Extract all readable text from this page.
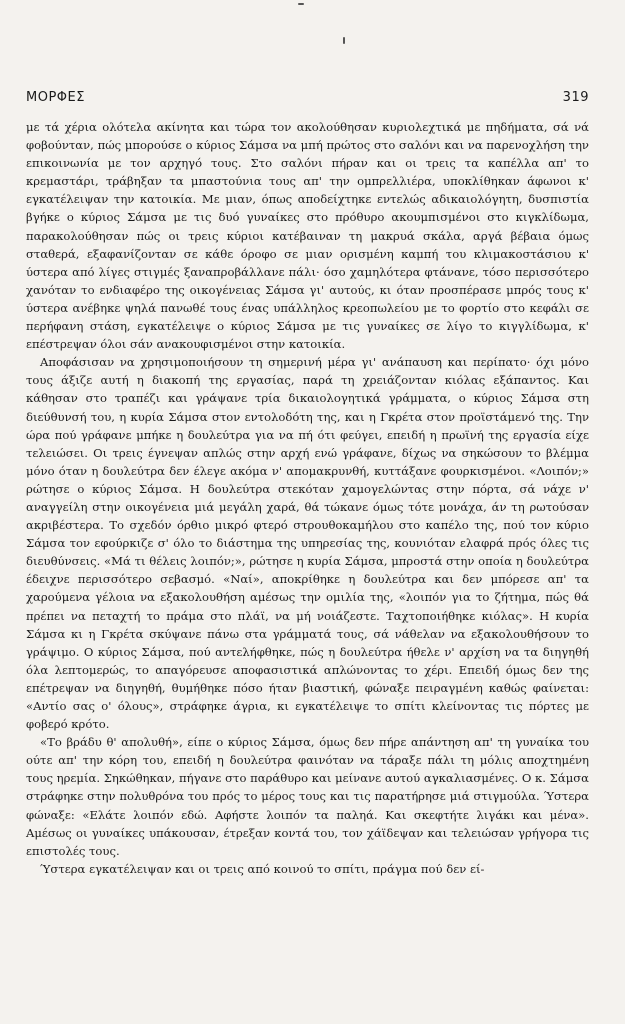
ΜΟΡΦΕΣ	319

με τά χέρια ολότελα ακίνητα και τώρα τον ακολούθησαν κυριολεχτικά με πηδήματα, σά νά φοβούνταν, πώς μπορούσε ο κύριος Σάμσα να μπή πρώτος στο σαλόνι και να παρενοχλήση την επικοινωνία με τον αρχηγό τους. Στο σαλόνι πήραν και οι τρεις τα καπέλλα απ' το κρεμαστάρι, τράβηξαν τα μπαστούνια τους απ' την ομπρελλιέρα, υποκλίθηκαν άφωνοι κ' εγκατέλειψαν την κατοικία. Με μιαν, όπως αποδείχτηκε εντελώς αδικαιολόγητη, δυσπιστία βγήκε ο κύριος Σάμσα με τις δυό γυναίκες στο πρόθυρο ακουμπισμένοι στο κιγκλίδωμα, παρακολούθησαν πώς οι τρεις κύριοι κατέβαιναν τη μακρυά σκάλα, αργά βέβαια όμως σταθερά, εξαφανίζονταν σε κάθε όροφο σε μιαν ορισμένη καμπή του κλιμακοστάσιου κ' ύστερα από λίγες στιγμές ξαναπροβάλλανε πάλι· όσο χαμηλότερα φτάνανε, τόσο περισσότερο χανόταν το ενδιαφέρο της οικογένειας Σάμσα γι' αυτούς, κι όταν προσπέρασε μπρός τους κ' ύστερα ανέβηκε ψηλά πανωθέ τους ένας υπάλληλος κρεοπωλείου με το φορτίο στο κεφάλι σε περήφανη στάση, εγκατέλειψε ο κύριος Σάμσα με τις γυναίκες σε λίγο το κιγγλίδωμα, κ' επέστρεψαν όλοι σάν ανακουφισμένοι στην κατοικία.

Αποφάσισαν να χρησιμοποιήσουν τη σημερινή μέρα γι' ανάπαυση και περίπατο· όχι μόνο τους άξιζε αυτή η διακοπή της εργασίας, παρά τη χρειάζονταν κιόλας εξάπαντος. Και κάθησαν στο τραπέζι και γράψανε τρία δικαιολογητικά γράμματα, ο κύριος Σάμσα στη διεύθυνσή του, η κυρία Σάμσα στον εντολοδότη της, και η Γκρέτα στον προϊστάμενό της. Την ώρα πού γράφανε μπήκε η δουλεύτρα για να πή ότι φεύγει, επειδή η πρωϊνή της εργασία είχε τελειώσει. Οι τρεις έγνεψαν απλώς στην αρχή ενώ γράφανε, δίχως να σηκώσουν το βλέμμα μόνο όταν η δουλεύτρα δεν έλεγε ακόμα ν' απομακρυνθή, κυττάξανε φουρκισμένοι. «Λοιπόν;» ρώτησε ο κύριος Σάμσα. Η δουλεύτρα στεκόταν χαμογελώντας στην πόρτα, σά νάχε ν' αναγγείλη στην οικογένεια μιά μεγάλη χαρά, θά τώκανε όμως τότε μονάχα, άν τη ρωτούσαν ακριβέστερα. Το σχεδόν όρθιο μικρό φτερό στρουθοκαμήλου στο καπέλο της, πού τον κύριο Σάμσα τον εφούρκιζε σ' όλο το διάστημα της υπηρεσίας της, κουνιόταν ελαφρά πρός όλες τις διευθύνσεις. «Μά τι θέλεις λοιπόν;», ρώτησε η κυρία Σάμσα, μπροστά στην οποία η δουλεύτρα έδειχνε περισσότερο σεβασμό. «Ναί», αποκρίθηκε η δουλεύτρα και δεν μπόρεσε απ' τα χαρούμενα γέλοια να εξακολουθήση αμέσως την ομιλία της, «λοιπόν για το ζήτημα, πώς θά πρέπει να πεταχτή το πράμα στο πλάϊ, να μή νοιάζεστε. Ταχτοποιήθηκε κιόλας». Η κυρία Σάμσα κι η Γκρέτα σκύψανε πάνω στα γράμματά τους, σά νάθελαν να εξακολουθήσουν το γράψιμο. Ο κύριος Σάμσα, πού αντελήφθηκε, πώς η δουλεύτρα ήθελε ν' αρχίση να τα διηγηθή όλα λεπτομερώς, το απαγόρευσε αποφασιστικά απλώνοντας το χέρι. Επειδή όμως δεν της επέτρεψαν να διηγηθή, θυμήθηκε πόσο ήταν βιαστική, φώναξε πειραγμένη καθώς φαίνεται: «Αντίο σας ο' όλους», στράφηκε άγρια, κι εγκατέλειψε το σπίτι κλείνοντας τις πόρτες με φοβερό κρότο.

«Το βράδυ θ' απολυθή», είπε ο κύριος Σάμσα, όμως δεν πήρε απάντηση απ' τη γυναίκα του ούτε απ' την κόρη του, επειδή η δουλεύτρα φαινόταν να τάραξε πάλι τη μόλις αποχτημένη τους ηρεμία. Σηκώθηκαν, πήγανε στο παράθυρο και μείνανε αυτού αγκαλιασμένες. Ο κ. Σάμσα στράφηκε στην πολυθρόνα του πρός το μέρος τους και τις παρατήρησε μιά στιγμούλα. Ύστερα φώναξε: «Ελάτε λοιπόν εδώ. Αφήστε λοιπόν τα παληά. Και σκεφτήτε λιγάκι και μένα». Αμέσως οι γυναίκες υπάκουσαν, έτρεξαν κοντά του, τον χάϊδεψαν και τελειώσαν γρήγορα τις επιστολές τους.

Ύστερα εγκατέλειψαν και οι τρεις από κοινού το σπίτι, πράγμα πού δεν εί-
